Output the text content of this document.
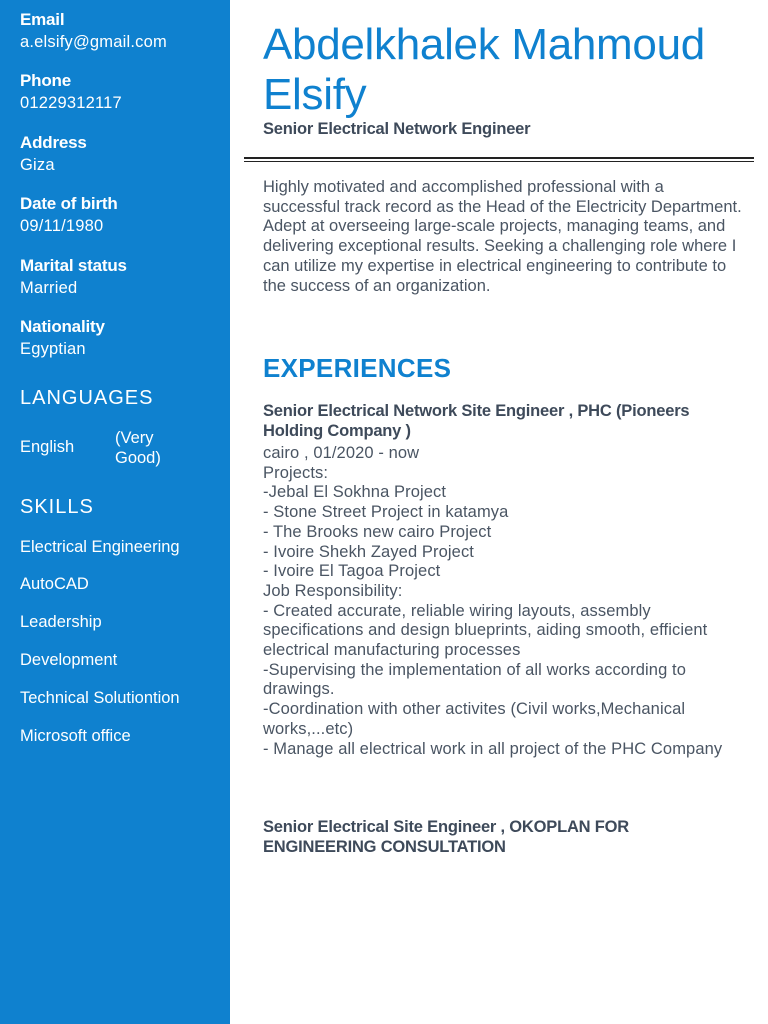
Email
a.elsify@gmail.com
Phone
01229312117
Address
Giza
Date of birth
09/11/1980
Marital status
Married
Nationality
Egyptian
LANGUAGES
English (Very
Good)
SKILLS
Electrical Engineering
AutoCAD
Leadership
Development
Technical Solutiontion
Microsoft office
Abdelkhalek Mahmoud
Elsify
Senior Electrical Network Engineer
Highly motivated and accomplished professional with a successful track record as the Head of the Electricity Department. Adept at overseeing large-scale projects, managing teams, and delivering exceptional results. Seeking a challenging role where I can utilize my expertise in electrical engineering to contribute to the success of an organization.
EXPERIENCES
Senior Electrical Network Site Engineer , PHC (Pioneers Holding Company )
cairo , 01/2020 - now
Projects:
-Jebal El Sokhna Project
- Stone Street Project in katamya
- The Brooks new cairo Project
- Ivoire Shekh Zayed Project
- Ivoire El Tagoa Project
Job Responsibility:
- Created accurate, reliable wiring layouts, assembly specifications and design blueprints, aiding smooth, efficient electrical manufacturing processes
-Supervising the implementation of all works according to drawings.
-Coordination with other activites (Civil works,Mechanical works,...etc)
- Manage all electrical work in all project of the PHC Company
Senior Electrical Site Engineer , OKOPLAN FOR ENGINEERING CONSULTATION
